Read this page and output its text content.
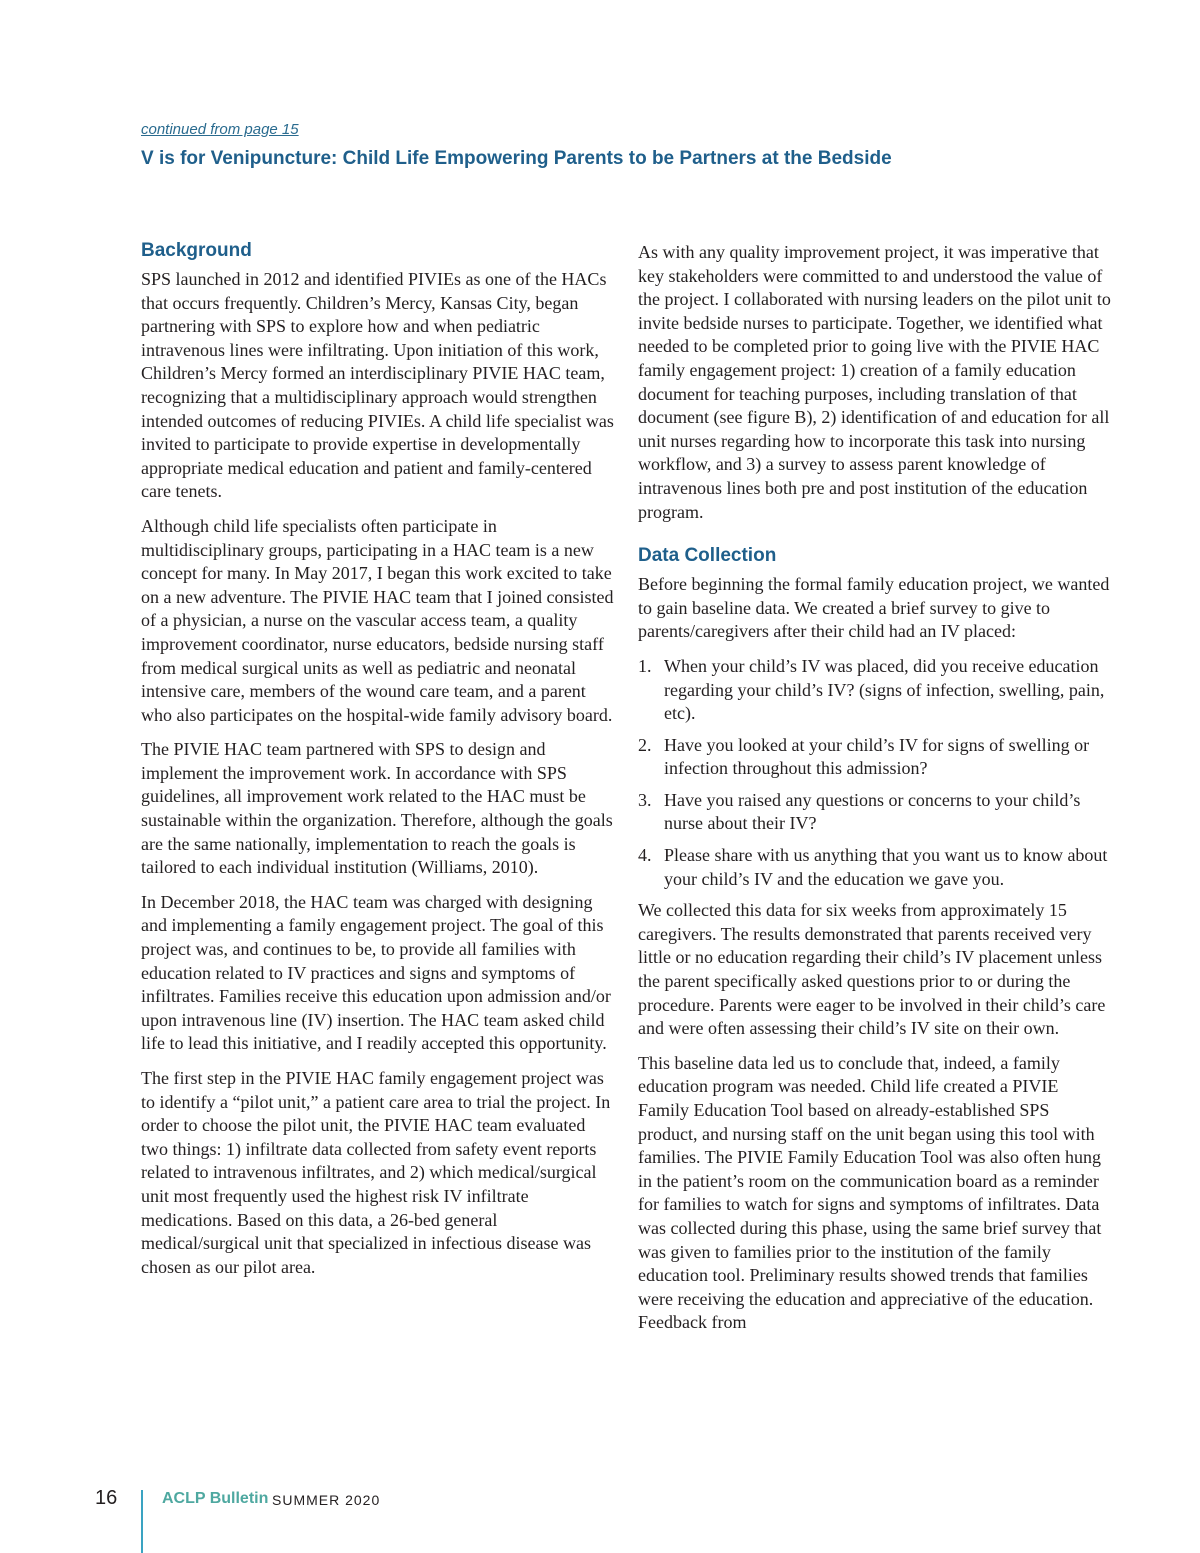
continued from page 15
V is for Venipuncture: Child Life Empowering Parents to be Partners at the Bedside
Background

SPS launched in 2012 and identified PIVIEs as one of the HACs that occurs frequently. Children’s Mercy, Kansas City, began partnering with SPS to explore how and when pediatric intravenous lines were infiltrating. Upon initiation of this work, Children’s Mercy formed an interdisciplinary PIVIE HAC team, recognizing that a multidisciplinary approach would strengthen intended outcomes of reducing PIVIEs. A child life specialist was invited to participate to provide expertise in developmentally appropriate medical education and patient and family-centered care tenets.

Although child life specialists often participate in multidisciplinary groups, participating in a HAC team is a new concept for many. In May 2017, I began this work excited to take on a new adventure. The PIVIE HAC team that I joined consisted of a physician, a nurse on the vascular access team, a quality improvement coordinator, nurse educators, bedside nursing staff from medical surgical units as well as pediatric and neonatal intensive care, members of the wound care team, and a parent who also participates on the hospital-wide family advisory board.

The PIVIE HAC team partnered with SPS to design and implement the improvement work. In accordance with SPS guidelines, all improvement work related to the HAC must be sustainable within the organization. Therefore, although the goals are the same nationally, implementation to reach the goals is tailored to each individual institution (Williams, 2010).

In December 2018, the HAC team was charged with designing and implementing a family engagement project. The goal of this project was, and continues to be, to provide all families with education related to IV practices and signs and symptoms of infiltrates. Families receive this education upon admission and/or upon intravenous line (IV) insertion. The HAC team asked child life to lead this initiative, and I readily accepted this opportunity.

The first step in the PIVIE HAC family engagement project was to identify a “pilot unit,” a patient care area to trial the project. In order to choose the pilot unit, the PIVIE HAC team evaluated two things: 1) infiltrate data collected from safety event reports related to intravenous infiltrates, and 2) which medical/surgical unit most frequently used the highest risk IV infiltrate medications. Based on this data, a 26-bed general medical/surgical unit that specialized in infectious disease was chosen as our pilot area.

As with any quality improvement project, it was imperative that key stakeholders were committed to and understood the value of the project. I collaborated with nursing leaders on the pilot unit to invite bedside nurses to participate. Together, we identified what needed to be completed prior to going live with the PIVIE HAC family engagement project: 1) creation of a family education document for teaching purposes, including translation of that document (see figure B), 2) identification of and education for all unit nurses regarding how to incorporate this task into nursing workflow, and 3) a survey to assess parent knowledge of intravenous lines both pre and post institution of the education program.

Data Collection

Before beginning the formal family education project, we wanted to gain baseline data. We created a brief survey to give to parents/caregivers after their child had an IV placed:

1. When your child’s IV was placed, did you receive education regarding your child’s IV? (signs of infection, swelling, pain, etc).
2. Have you looked at your child’s IV for signs of swelling or infection throughout this admission?
3. Have you raised any questions or concerns to your child’s nurse about their IV?
4. Please share with us anything that you want us to know about your child’s IV and the education we gave you.

We collected this data for six weeks from approximately 15 caregivers. The results demonstrated that parents received very little or no education regarding their child’s IV placement unless the parent specifically asked questions prior to or during the procedure. Parents were eager to be involved in their child’s care and were often assessing their child’s IV site on their own.

This baseline data led us to conclude that, indeed, a family education program was needed. Child life created a PIVIE Family Education Tool based on already-established SPS product, and nursing staff on the unit began using this tool with families. The PIVIE Family Education Tool was also often hung in the patient’s room on the communication board as a reminder for families to watch for signs and symptoms of infiltrates. Data was collected during this phase, using the same brief survey that was given to families prior to the institution of the family education tool. Preliminary results showed trends that families were receiving the education and appreciative of the education. Feedback from

16	ACLP Bulletin SUMMER 2020
